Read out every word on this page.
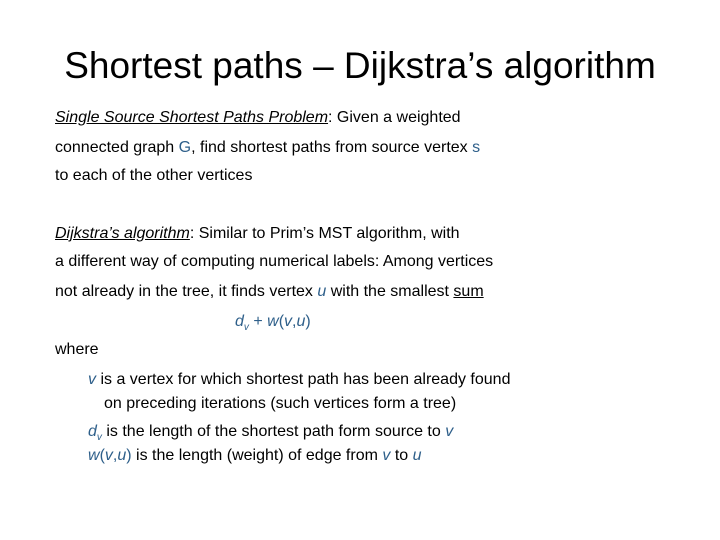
Shortest paths – Dijkstra’s algorithm
Single Source Shortest Paths Problem: Given a weighted
connected graph G, find shortest paths from source vertex s
to each of the other vertices
Dijkstra’s algorithm: Similar to Prim’s MST algorithm, with
a different way of computing numerical labels: Among vertices
not already in the tree, it finds vertex u with the smallest sum
$d_v + w(v,u)$
where
v is a vertex for which shortest path has been already found
on preceding iterations (such vertices form a tree)
$d_v$ is the length of the shortest path form source to v
w(v,u) is the length (weight) of edge from v to u
